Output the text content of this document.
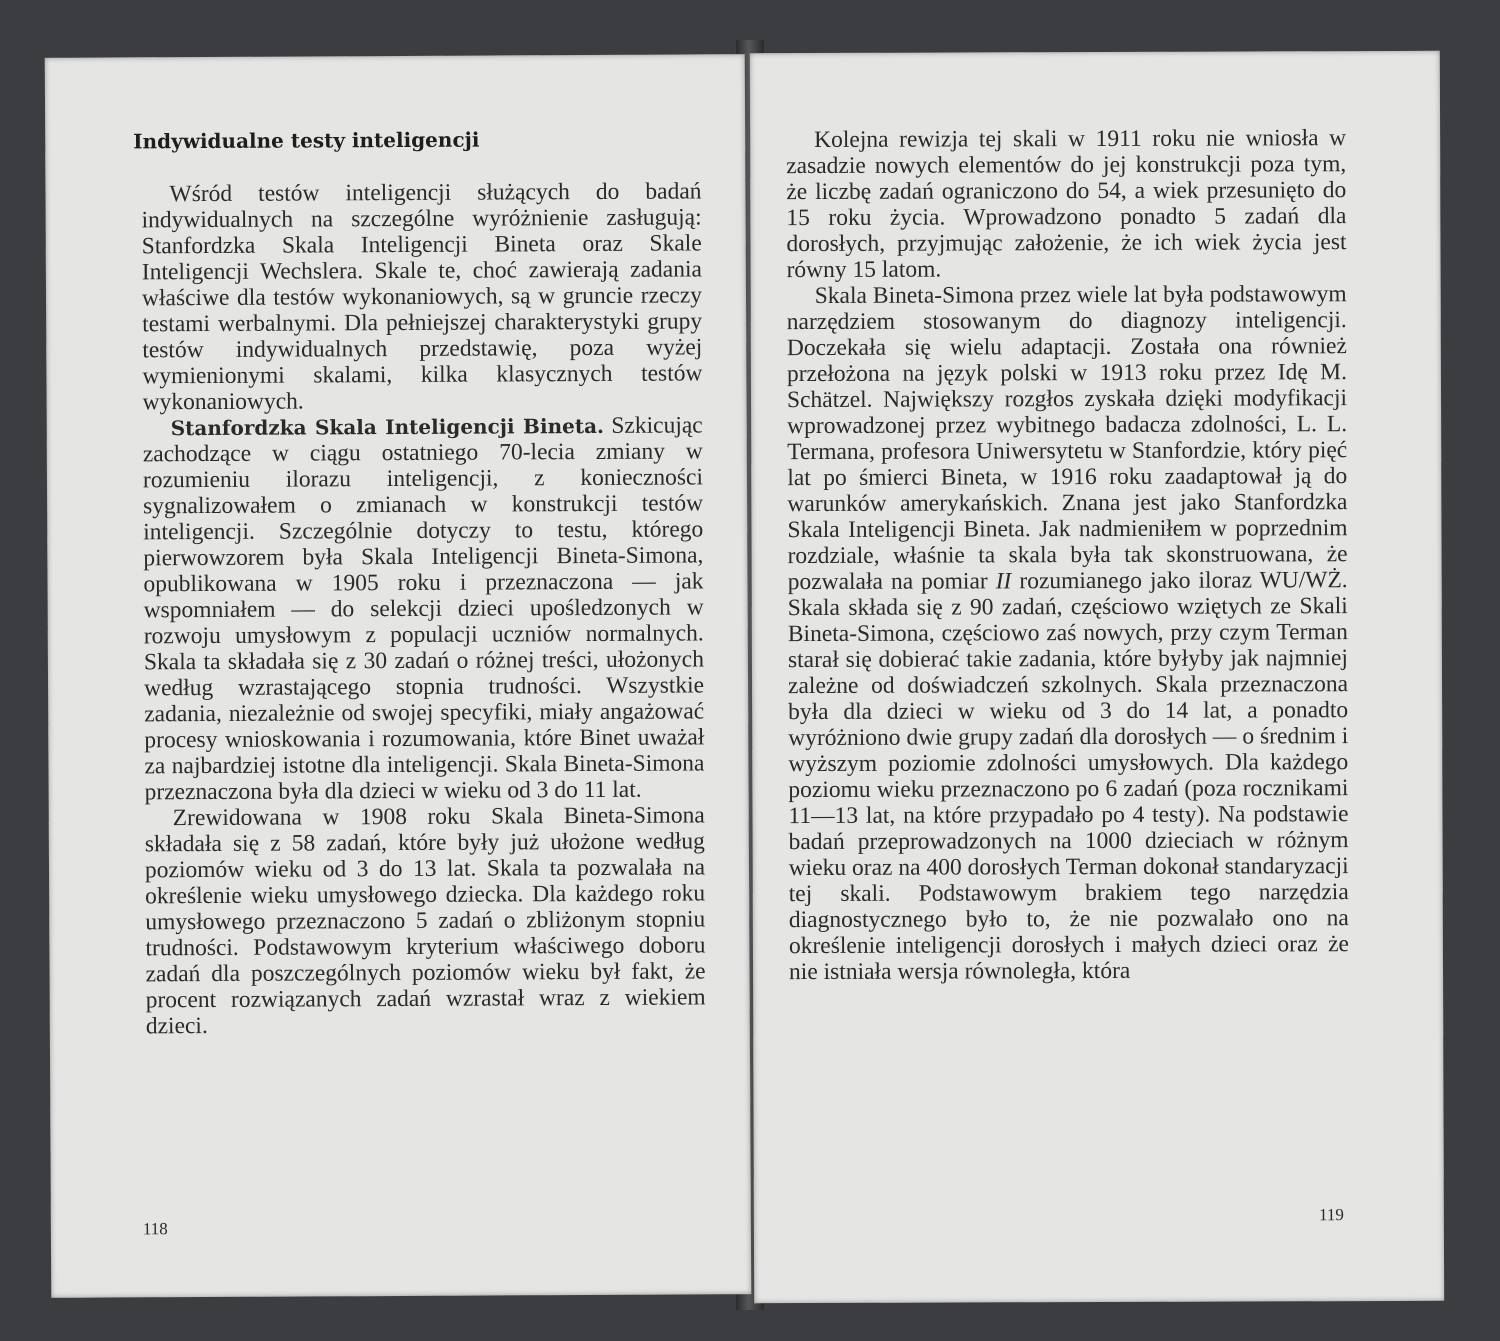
Indywidualne testy inteligencji

Wśród testów inteligencji służących do badań indywidualnych na szczególne wyróżnienie zasługują: Stanfordzka Skala Inteligencji Bineta oraz Skale Inteligencji Wechslera. Skale te, choć zawierają zadania właściwe dla testów wykonaniowych, są w gruncie rzeczy testami werbalnymi. Dla pełniejszej charakterystyki grupy testów indywidualnych przedstawię, poza wyżej wymienionymi skalami, kilka klasycznych testów wykonaniowych.

Stanfordzka Skala Inteligencji Bineta. Szkicując zachodzące w ciągu ostatniego 70-lecia zmiany w rozumieniu ilorazu inteligencji, z konieczności sygnalizowałem o zmianach w konstrukcji testów inteligencji. Szczególnie dotyczy to testu, którego pierwowzorem była Skala Inteligencji Bineta-Simona, opublikowana w 1905 roku i przeznaczona — jak wspomniałem — do selekcji dzieci upośledzonych w rozwoju umysłowym z populacji uczniów normalnych. Skala ta składała się z 30 zadań o różnej treści, ułożonych według wzrastającego stopnia trudności. Wszystkie zadania, niezależnie od swojej specyfiki, miały angażować procesy wnioskowania i rozumowania, które Binet uważał za najbardziej istotne dla inteligencji. Skala Bineta-Simona przeznaczona była dla dzieci w wieku od 3 do 11 lat.

Zrewidowana w 1908 roku Skala Bineta-Simona składała się z 58 zadań, które były już ułożone według poziomów wieku od 3 do 13 lat. Skala ta pozwalała na określenie wieku umysłowego dziecka. Dla każdego roku umysłowego przeznaczono 5 zadań o zbliżonym stopniu trudności. Podstawowym kryterium właściwego doboru zadań dla poszczególnych poziomów wieku był fakt, że procent rozwiązanych zadań wzrastał wraz z wiekiem dzieci.

118

Kolejna rewizja tej skali w 1911 roku nie wniosła w zasadzie nowych elementów do jej konstrukcji poza tym, że liczbę zadań ograniczono do 54, a wiek przesunięto do 15 roku życia. Wprowadzono ponadto 5 zadań dla dorosłych, przyjmując założenie, że ich wiek życia jest równy 15 latom.

Skala Bineta-Simona przez wiele lat była podstawowym narzędziem stosowanym do diagnozy inteligencji. Doczekała się wielu adaptacji. Została ona również przełożona na język polski w 1913 roku przez Idę M. Schätzel. Największy rozgłos zyskała dzięki modyfikacji wprowadzonej przez wybitnego badacza zdolności, L. L. Termana, profesora Uniwersytetu w Stanfordzie, który pięć lat po śmierci Bineta, w 1916 roku zaadaptował ją do warunków amerykańskich. Znana jest jako Stanfordzka Skala Inteligencji Bineta. Jak nadmieniłem w poprzednim rozdziale, właśnie ta skala była tak skonstruowana, że pozwalała na pomiar II rozumianego jako iloraz WU/WŻ. Skala składa się z 90 zadań, częściowo wziętych ze Skali Bineta-Simona, częściowo zaś nowych, przy czym Terman starał się dobierać takie zadania, które byłyby jak najmniej zależne od doświadczeń szkolnych. Skala przeznaczona była dla dzieci w wieku od 3 do 14 lat, a ponadto wyróżniono dwie grupy zadań dla dorosłych — o średnim i wyższym poziomie zdolności umysłowych. Dla każdego poziomu wieku przeznaczono po 6 zadań (poza rocznikami 11—13 lat, na które przypadało po 4 testy). Na podstawie badań przeprowadzonych na 1000 dzieciach w różnym wieku oraz na 400 dorosłych Terman dokonał standaryzacji tej skali. Podstawowym brakiem tego narzędzia diagnostycznego było to, że nie pozwalało ono na określenie inteligencji dorosłych i małych dzieci oraz że nie istniała wersja równoległa, która

119
